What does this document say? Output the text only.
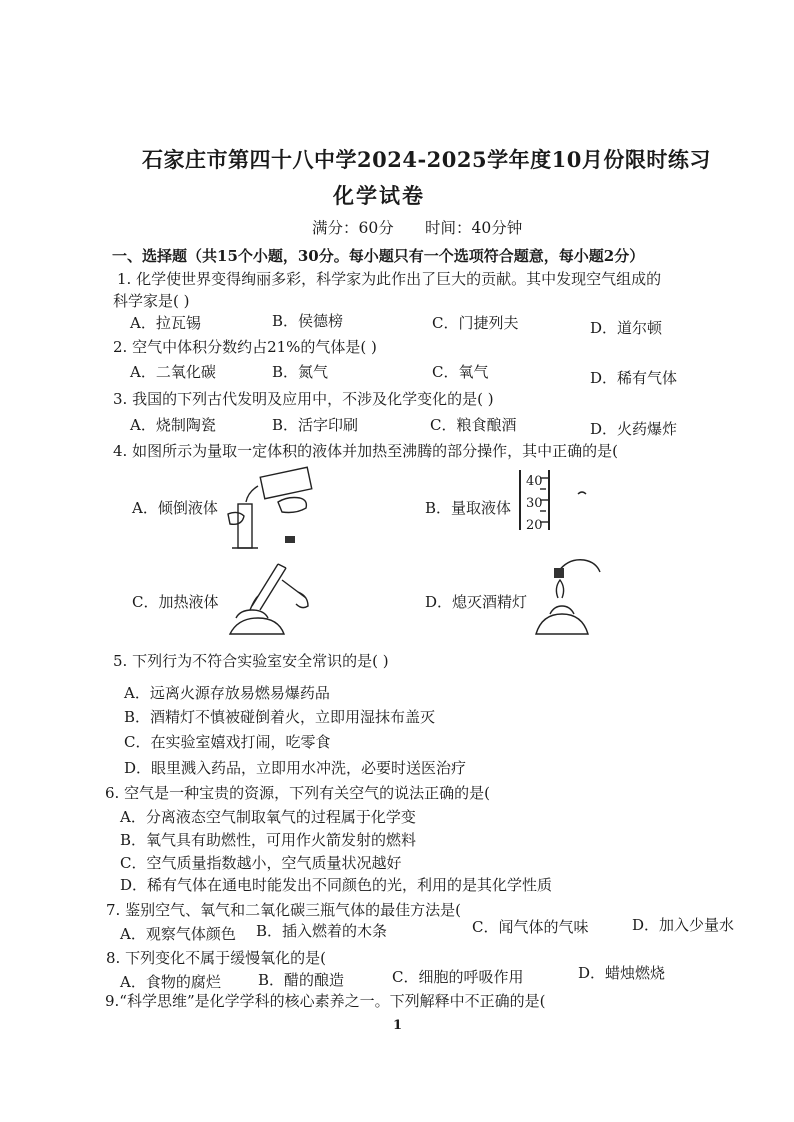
石家庄市第四十八中学2024-2025学年度10月份限时练习
化学试卷
满分：60分 时间：40分钟
一、选择题（共15个小题，30分。每小题只有一个选项符合题意，每小题2分）
1. 化学使世界变得绚丽多彩，科学家为此作出了巨大的贡献。其中发现空气组成的
科学家是( )
A．拉瓦锡	B．侯德榜	C．门捷列夫	D．道尔顿
2. 空气中体积分数约占21%的气体是( )
A．二氧化碳	B．氮气	C．氧气	D．稀有气体
3. 我国的下列古代发明及应用中，不涉及化学变化的是( )
A．烧制陶瓷	B．活字印刷	C．粮食酿酒	D．火药爆炸
4. 如图所示为量取一定体积的液体并加热至沸腾的部分操作，其中正确的是(
A．倾倒液体	B．量取液体
C．加热液体	D．熄灭酒精灯
40
30
20
5. 下列行为不符合实验室安全常识的是( )
A．远离火源存放易燃易爆药品
B．酒精灯不慎被碰倒着火，立即用湿抹布盖灭
C．在实验室嬉戏打闹，吃零食
D．眼里溅入药品，立即用水冲洗，必要时送医治疗
6. 空气是一种宝贵的资源，下列有关空气的说法正确的是(
A．分离液态空气制取氧气的过程属于化学变
B．氧气具有助燃性，可用作火箭发射的燃料
C．空气质量指数越小，空气质量状况越好
D．稀有气体在通电时能发出不同颜色的光，利用的是其化学性质
7. 鉴别空气、氧气和二氧化碳三瓶气体的最佳方法是(
A．观察气体颜色 B．插入燃着的木条	C．闻气体的气味	D．加入少量水
8. 下列变化不属于缓慢氧化的是(
A．食物的腐烂 B．醋的酿造	C．细胞的呼吸作用	D．蜡烛燃烧
9.“科学思维”是化学学科的核心素养之一。下列解释中不正确的是(
1
